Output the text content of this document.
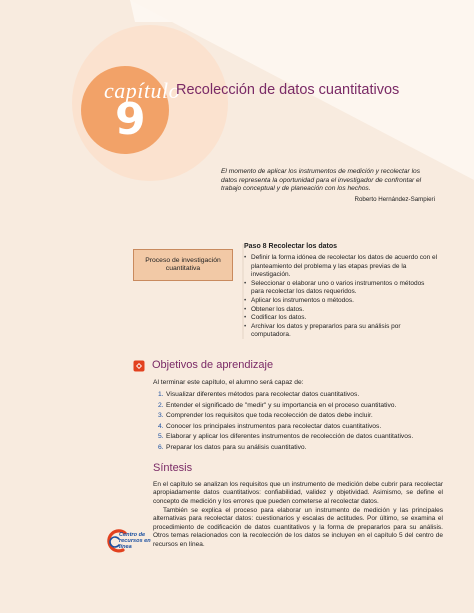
capítulo
9
Recolección de datos cuantitativos
El momento de aplicar los instrumentos de medición y recolectar los datos representa la oportunidad para el investigador de confrontar el trabajo conceptual y de planeación con los hechos.
Roberto Hernández-Sampieri
Proceso de investigación cuantitativa
Paso 8 Recolectar los datos
• Definir la forma idónea de recolectar los datos de acuerdo con el planteamiento del problema y las etapas previas de la investigación.
• Seleccionar o elaborar uno o varios instrumentos o métodos para recolectar los datos requeridos.
• Aplicar los instrumentos o métodos.
• Obtener los datos.
• Codificar los datos.
• Archivar los datos y prepararlos para su análisis por computadora.
Objetivos de aprendizaje
Al terminar este capítulo, el alumno será capaz de:
1. Visualizar diferentes métodos para recolectar datos cuantitativos.
2. Entender el significado de "medir" y su importancia en el proceso cuantitativo.
3. Comprender los requisitos que toda recolección de datos debe incluir.
4. Conocer los principales instrumentos para recolectar datos cuantitativos.
5. Elaborar y aplicar los diferentes instrumentos de recolección de datos cuantitativos.
6. Preparar los datos para su análisis cuantitativo.
Síntesis

En el capítulo se analizan los requisitos que un instrumento de medición debe cubrir para recolectar apropiadamente datos cuantitativos: confiabilidad, validez y objetividad. Asimismo, se define el concepto de medición y los errores que pueden cometerse al recolectar datos.

También se explica el proceso para elaborar un instrumento de medición y las principales alternativas para recolectar datos: cuestionarios y escalas de actitudes. Por último, se examina el procedimiento de codificación de datos cuantitativos y la forma de prepararlos para su análisis. Otros temas relacionados con la recolección de los datos se incluyen en el capítulo 5 del centro de recursos en línea.

Centro de recursos en línea
